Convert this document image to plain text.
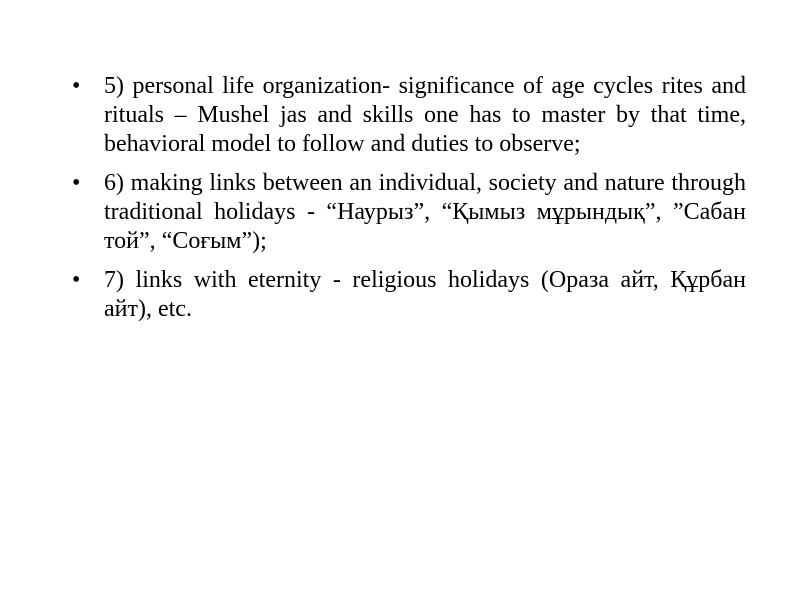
• 5) personal life organization- significance of age cycles rites and rituals – Mushel jas and skills one has to master by that time, behavioral model to follow and duties to observe;
• 6) making links between an individual, society and nature through traditional holidays - “Наурыз”, “Қымыз мұрындық”, ”Сабан той”, “Соғым”);
• 7) links with eternity - religious holidays (Ораза айт, Құрбан айт), etc.
